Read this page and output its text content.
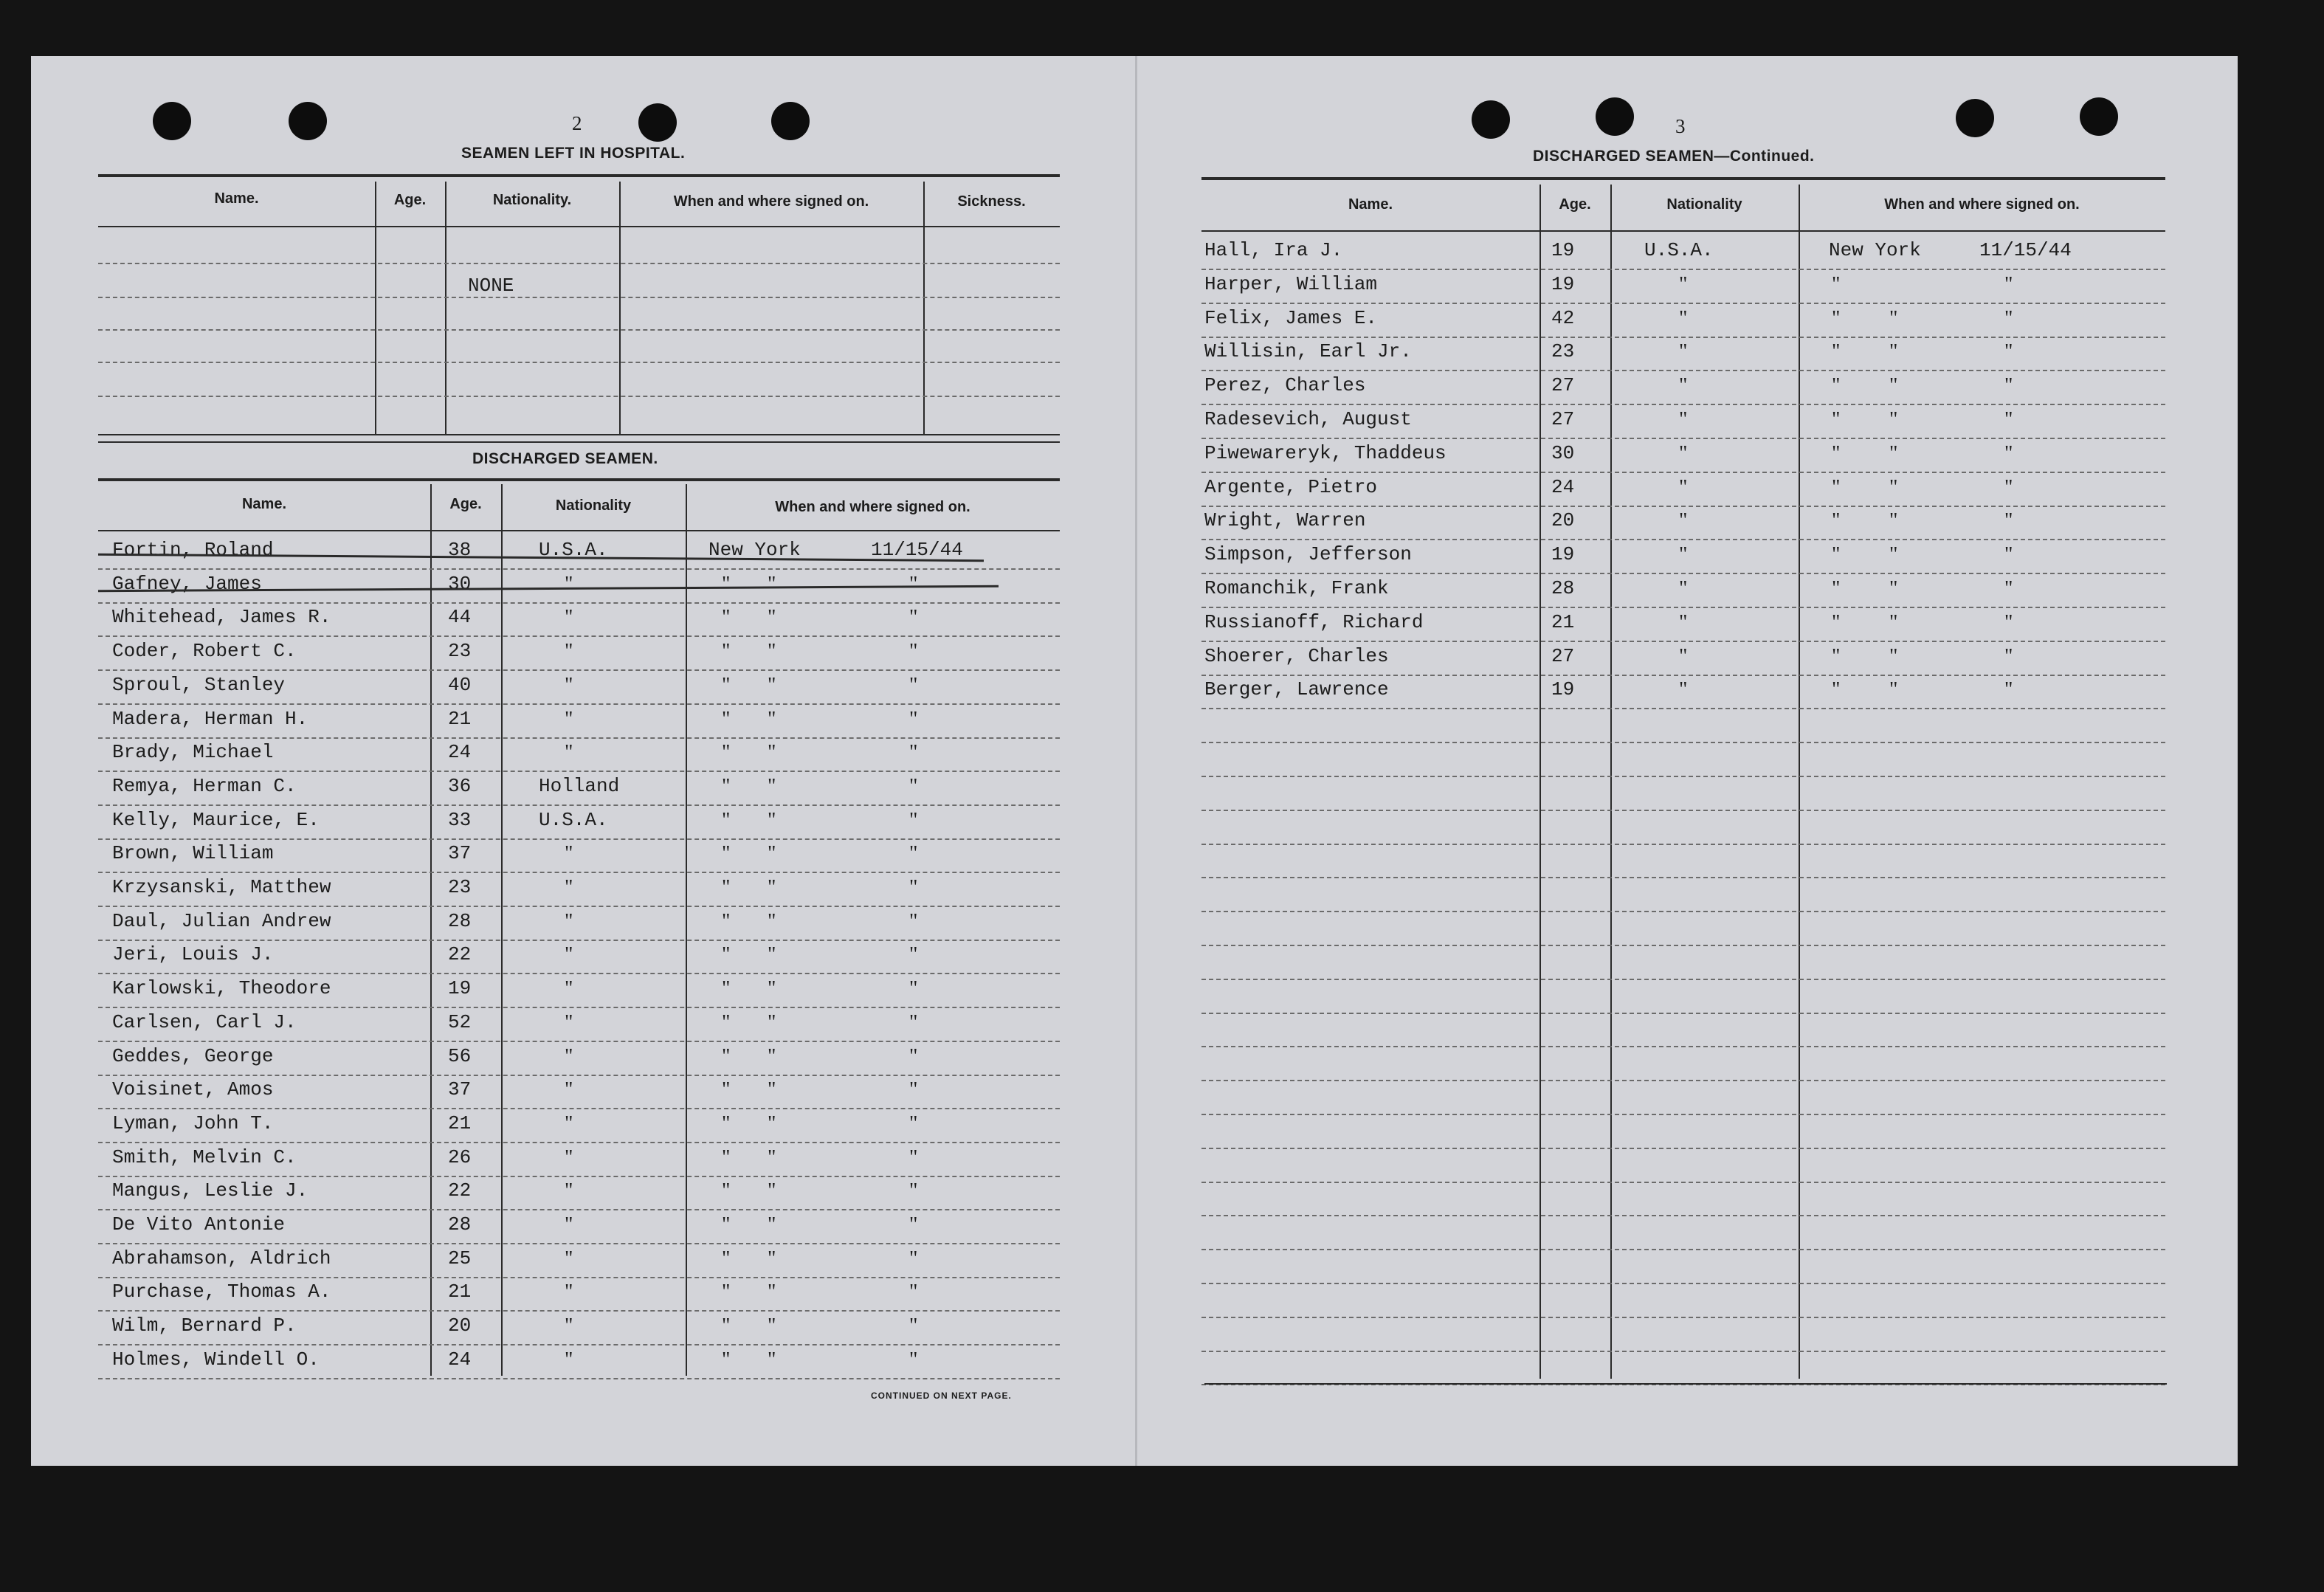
2
SEAMEN LEFT IN HOSPITAL.
3
DISCHARGED SEAMEN—Continued.
Name.	Age.	Nationality.	When and where signed on.	Sickness.
NONE
DISCHARGED SEAMEN.
Name.	Age.	Nationality	When and where signed on.
Fortin, Roland	38	U.S.A.	New York	11/15/44
Gafney, James	30	"	" "	"
Whitehead, James R.	44	"	" "	"
Coder, Robert C.	23	"	" "	"
Sproul, Stanley	40	"	" "	"
Madera, Herman H.	21	"	" "	"
Brady, Michael	24	"	" "	"
Remya, Herman C.	36	Holland	" "	"
Kelly, Maurice, E.	33	U.S.A.	" "	"
Brown, William	37	"	" "	"
Krzysanski, Matthew	23	"	" "	"
Daul, Julian Andrew	28	"	" "	"
Jeri, Louis J.	22	"	" "	"
Karlowski, Theodore	19	"	" "	"
Carlsen, Carl J.	52	"	" "	"
Geddes, George	56	"	" "	"
Voisinet, Amos	37	"	" "	"
Lyman, John T.	21	"	" "	"
Smith, Melvin C.	26	"	" "	"
Mangus, Leslie J.	22	"	" "	"
De Vito Antonie	28	"	" "	"
Abrahamson, Aldrich	25	"	" "	"
Purchase, Thomas A.	21	"	" "	"
Wilm, Bernard P.	20	"	" "	"
Holmes, Windell O.	24	"	" "	"
CONTINUED ON NEXT PAGE.
Name.	Age.	Nationality	When and where signed on.
Hall, Ira J.	19	U.S.A.	New York	11/15/44
Harper, William	19	"	"	"
Felix, James E.	42	"	" "	"
Willisin, Earl Jr.	23	"	" "	"
Perez, Charles	27	"	" "	"
Radesevich, August	27	"	" "	"
Piwewareryk, Thaddeus	30	"	" "	"
Argente, Pietro	24	"	" "	"
Wright, Warren	20	"	" "	"
Simpson, Jefferson	19	"	" "	"
Romanchik, Frank	28	"	" "	"
Russianoff, Richard	21	"	" "	"
Shoerer, Charles	27	"	" "	"
Berger, Lawrence	19	"	" "	"
